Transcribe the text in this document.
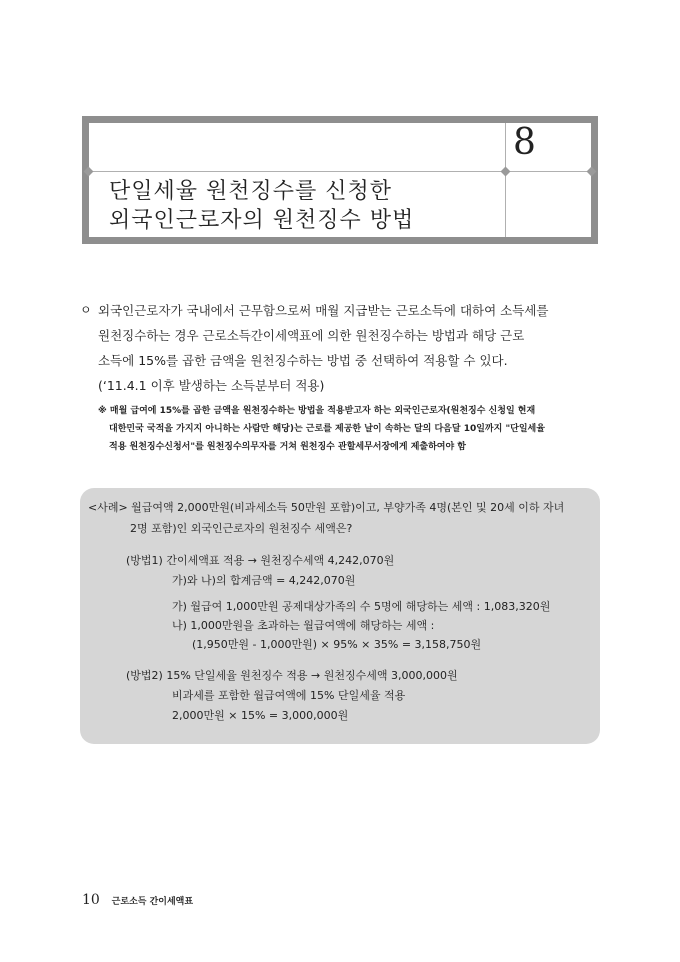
8
단일세율 원천징수를 신청한
외국인근로자의 원천징수 방법
ㅇ 외국인근로자가 국내에서 근무함으로써 매월 지급받는 근로소득에 대하여 소득세를
원천징수하는 경우 근로소득간이세액표에 의한 원천징수하는 방법과 해당 근로
소득에 15%를 곱한 금액을 원천징수하는 방법 중 선택하여 적용할 수 있다.
(‘11.4.1 이후 발생하는 소득분부터 적용)
※ 매월 급여에 15%를 곱한 금액을 원천징수하는 방법을 적용받고자 하는 외국인근로자(원천징수 신청일 현재
대한민국 국적을 가지지 아니하는 사람만 해당)는 근로를 제공한 날이 속하는 달의 다음달 10일까지 "단일세율
적용 원천징수신청서"를 원천징수의무자를 거쳐 원천징수 관할세무서장에게 제출하여야 함
<사례> 월급여액 2,000만원(비과세소득 50만원 포함)이고, 부양가족 4명(본인 및 20세 이하 자녀
2명 포함)인 외국인근로자의 원천징수 세액은?
(방법1) 간이세액표 적용 → 원천징수세액 4,242,070원
가)와 나)의 합계금액 = 4,242,070원
가) 월급여 1,000만원 공제대상가족의 수 5명에 해당하는 세액 : 1,083,320원
나) 1,000만원을 초과하는 월급여액에 해당하는 세액 :
(1,950만원 - 1,000만원) × 95% × 35% = 3,158,750원
(방법2) 15% 단일세율 원천징수 적용 → 원천징수세액 3,000,000원
비과세를 포함한 월급여액에 15% 단일세율 적용
2,000만원 × 15% = 3,000,000원
10 근로소득 간이세액표
